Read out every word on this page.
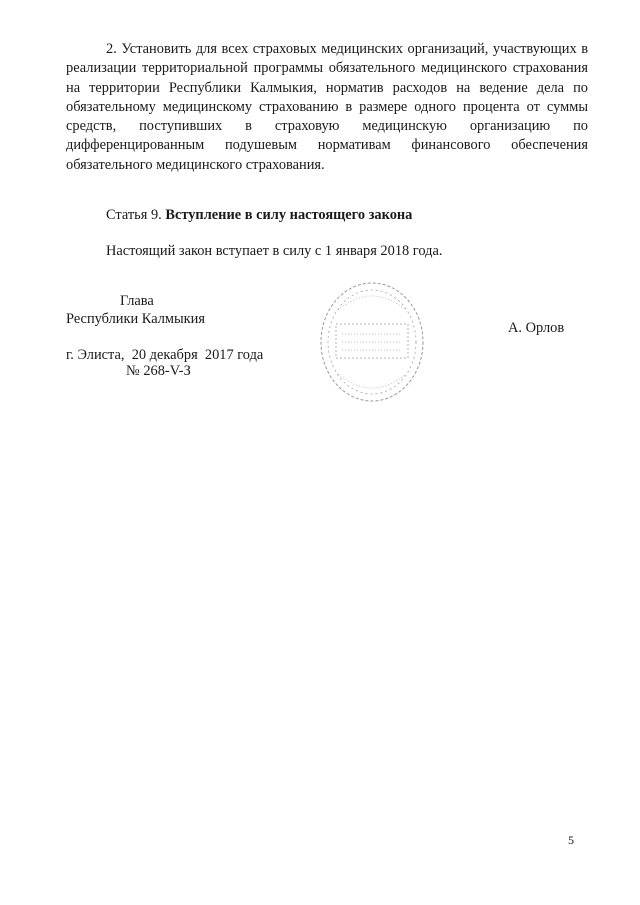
2. Установить для всех страховых медицинских организаций, участвующих в реализации территориальной программы обязательного медицинского страхования на территории Республики Калмыкия, норматив расходов на ведение дела по обязательному медицинскому страхованию в размере одного процента от суммы средств, поступивших в страховую медицинскую организацию по дифференцированным подушевым нормативам финансового обеспечения обязательного медицинского страхования.

Статья 9. Вступление в силу настоящего закона

Настоящий закон вступает в силу с 1 января 2018 года.

Глава
Республики Калмыкия
А. Орлов
г. Элиста,  20 декабря  2017 года
№ 268-V-З
5
